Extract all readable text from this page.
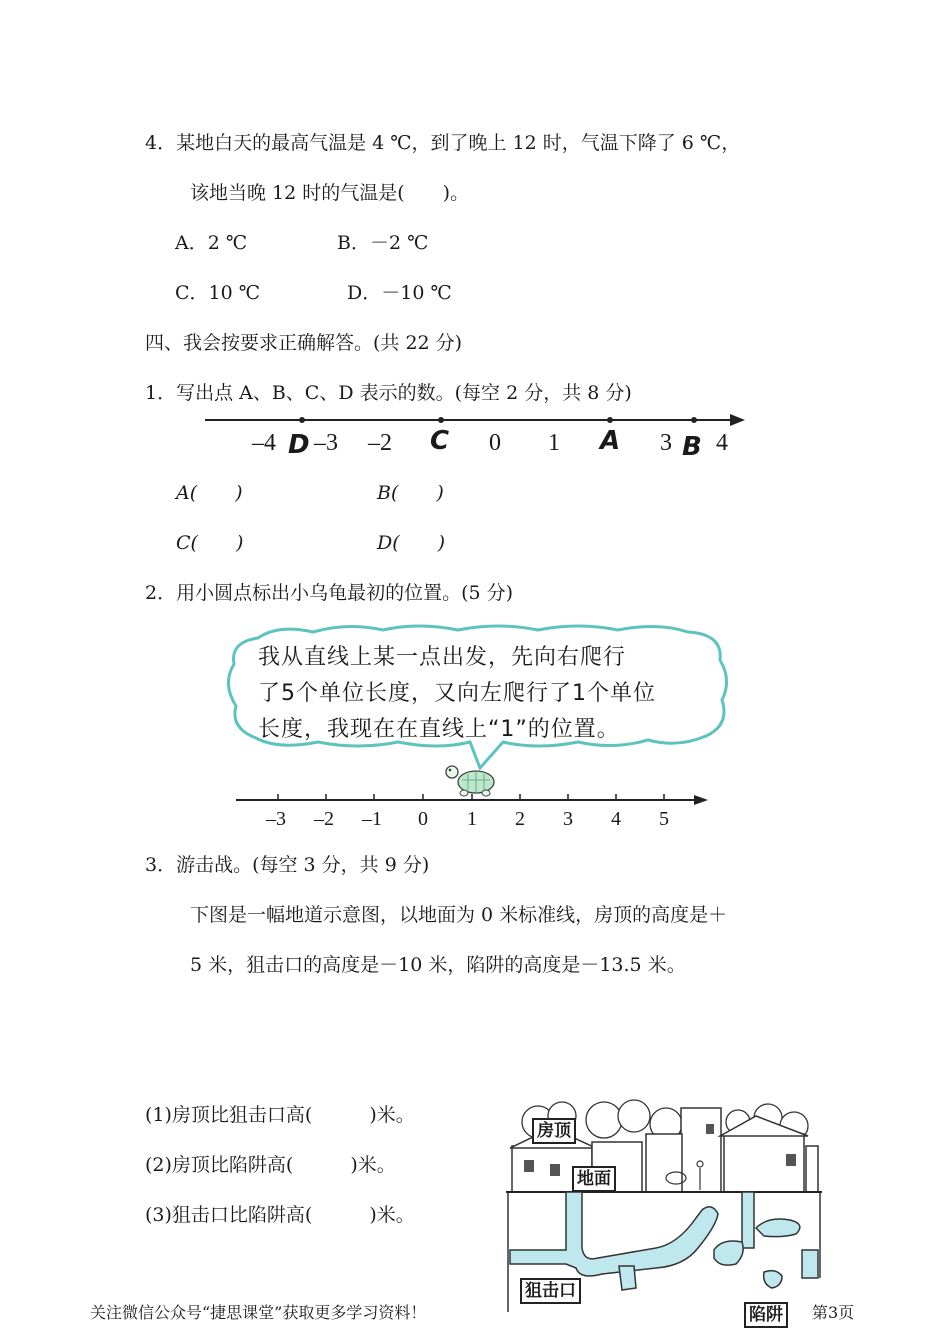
4．某地白天的最高气温是 4 ℃，到了晚上 12 时，气温下降了 6 ℃，
该地当晚 12 时的气温是(　　)。
A．2 ℃	B．－2 ℃
C．10 ℃	D．－10 ℃
四、我会按要求正确解答。(共 22 分)
1．写出点 A、B、C、D 表示的数。(每空 2 分，共 8 分)
–4 D –3 –2 C 0 1 A 3 B 4
A(　　)	B(　　)
C(　　)	D(　　)
2．用小圆点标出小乌龟最初的位置。(5 分)
我从直线上某一点出发，先向右爬行
了5个单位长度，又向左爬行了1个单位
长度，我现在在直线上“1”的位置。
–3 –2 –1 0 1 2 3 4 5
3．游击战。(每空 3 分，共 9 分)
下图是一幅地道示意图，以地面为 0 米标准线，房顶的高度是＋
5 米，狙击口的高度是－10 米，陷阱的高度是－13.5 米。
(1)房顶比狙击口高(　　　)米。
(2)房顶比陷阱高(　　　)米。
(3)狙击口比陷阱高(　　　)米。
房顶
地面
狙击口
陷阱
关注微信公众号“捷思课堂”获取更多学习资料！	第3页
